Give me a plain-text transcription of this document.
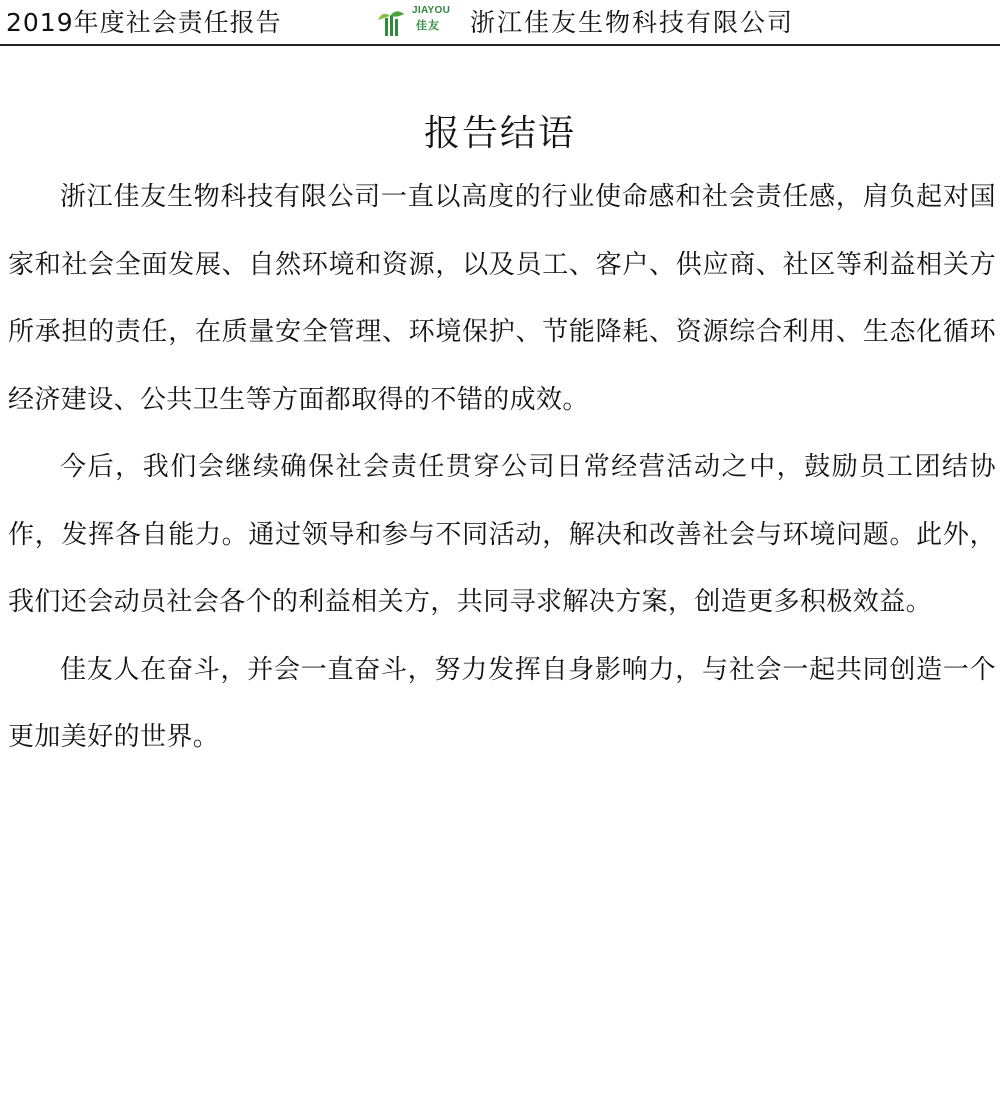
2019年度社会责任报告	JIAYOU
佳友 浙江佳友生物科技有限公司
报告结语

浙江佳友生物科技有限公司一直以高度的行业使命感和社会责任感，肩负起对国家和社会全面发展、自然环境和资源，以及员工、客户、供应商、社区等利益相关方所承担的责任，在质量安全管理、环境保护、节能降耗、资源综合利用、生态化循环经济建设、公共卫生等方面都取得的不错的成效。

今后，我们会继续确保社会责任贯穿公司日常经营活动之中，鼓励员工团结协作，发挥各自能力。通过领导和参与不同活动，解决和改善社会与环境问题。此外，我们还会动员社会各个的利益相关方，共同寻求解决方案，创造更多积极效益。

佳友人在奋斗，并会一直奋斗，努力发挥自身影响力，与社会一起共同创造一个更加美好的世界。
